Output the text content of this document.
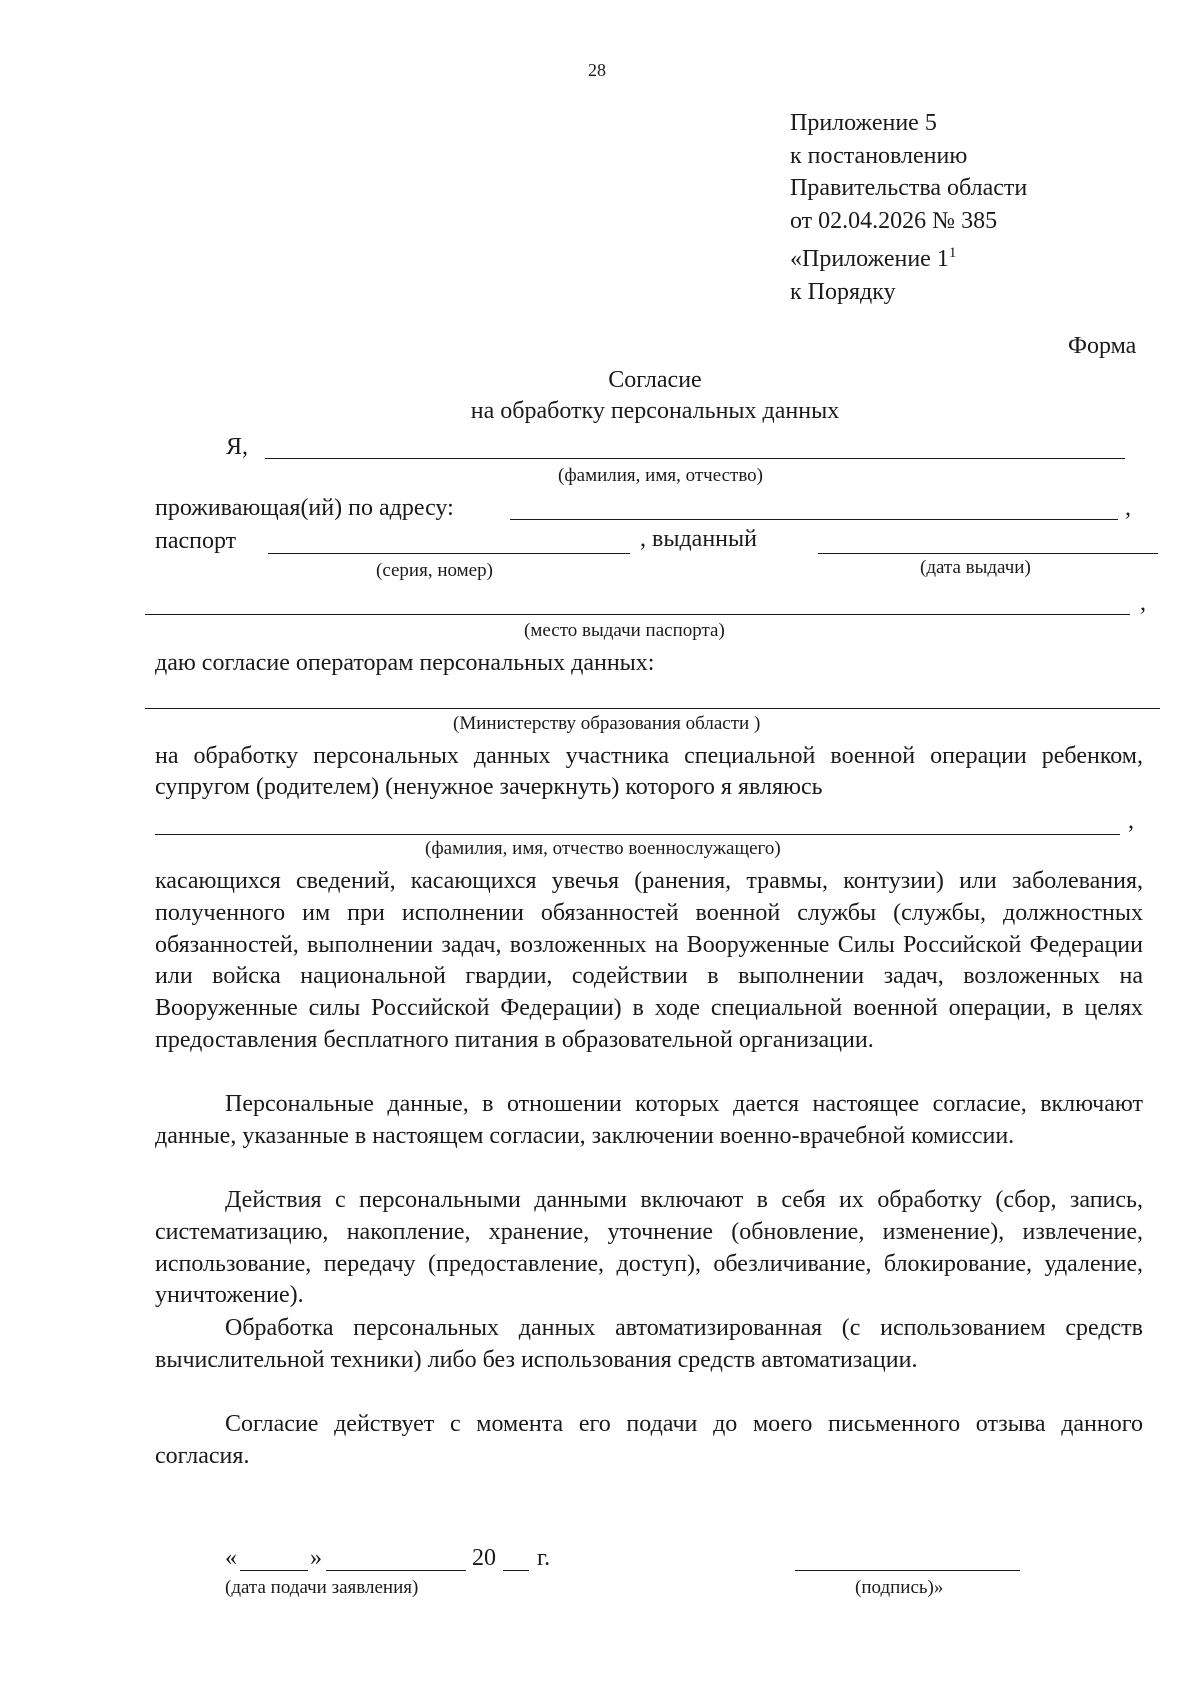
28
Приложение 5
к постановлению
Правительства области
от 02.04.2026 № 385
«Приложение $1^1$
к Порядку
Форма
Согласие
на обработку персональных данных
Я,
(фамилия, имя, отчество)
проживающая(ий) по адресу:	,
паспорт	, выданный
(серия, номер)	(дата выдачи)
,
(место выдачи паспорта)
даю согласие операторам персональных данных:
(Министерству образования области )
на обработку персональных данных участника специальной военной операции ребенком, супругом (родителем) (ненужное зачеркнуть) которого я являюсь
,
(фамилия, имя, отчество военнослужащего)
касающихся сведений, касающихся увечья (ранения, травмы, контузии) или заболевания, полученного им при исполнении обязанностей военной службы (службы, должностных обязанностей, выполнении задач, возложенных на Вооруженные Силы Российской Федерации или войска национальной гвардии, содействии в выполнении задач, возложенных на Вооруженные силы Российской Федерации) в ходе специальной военной операции, в целях предоставления бесплатного питания в образовательной организации.
Персональные данные, в отношении которых дается настоящее согласие, включают данные, указанные в настоящем согласии, заключении военно-врачебной комиссии.
Действия с персональными данными включают в себя их обработку (сбор, запись, систематизацию, накопление, хранение, уточнение (обновление, изменение), извлечение, использование, передачу (предоставление, доступ), обезличивание, блокирование, удаление, уничтожение).
Обработка персональных данных автоматизированная (с использованием средств вычислительной техники) либо без использования средств автоматизации.
Согласие действует с момента его подачи до моего письменного отзыва данного согласия.
«	»	20 г.
(дата подачи заявления)	(подпись)»
